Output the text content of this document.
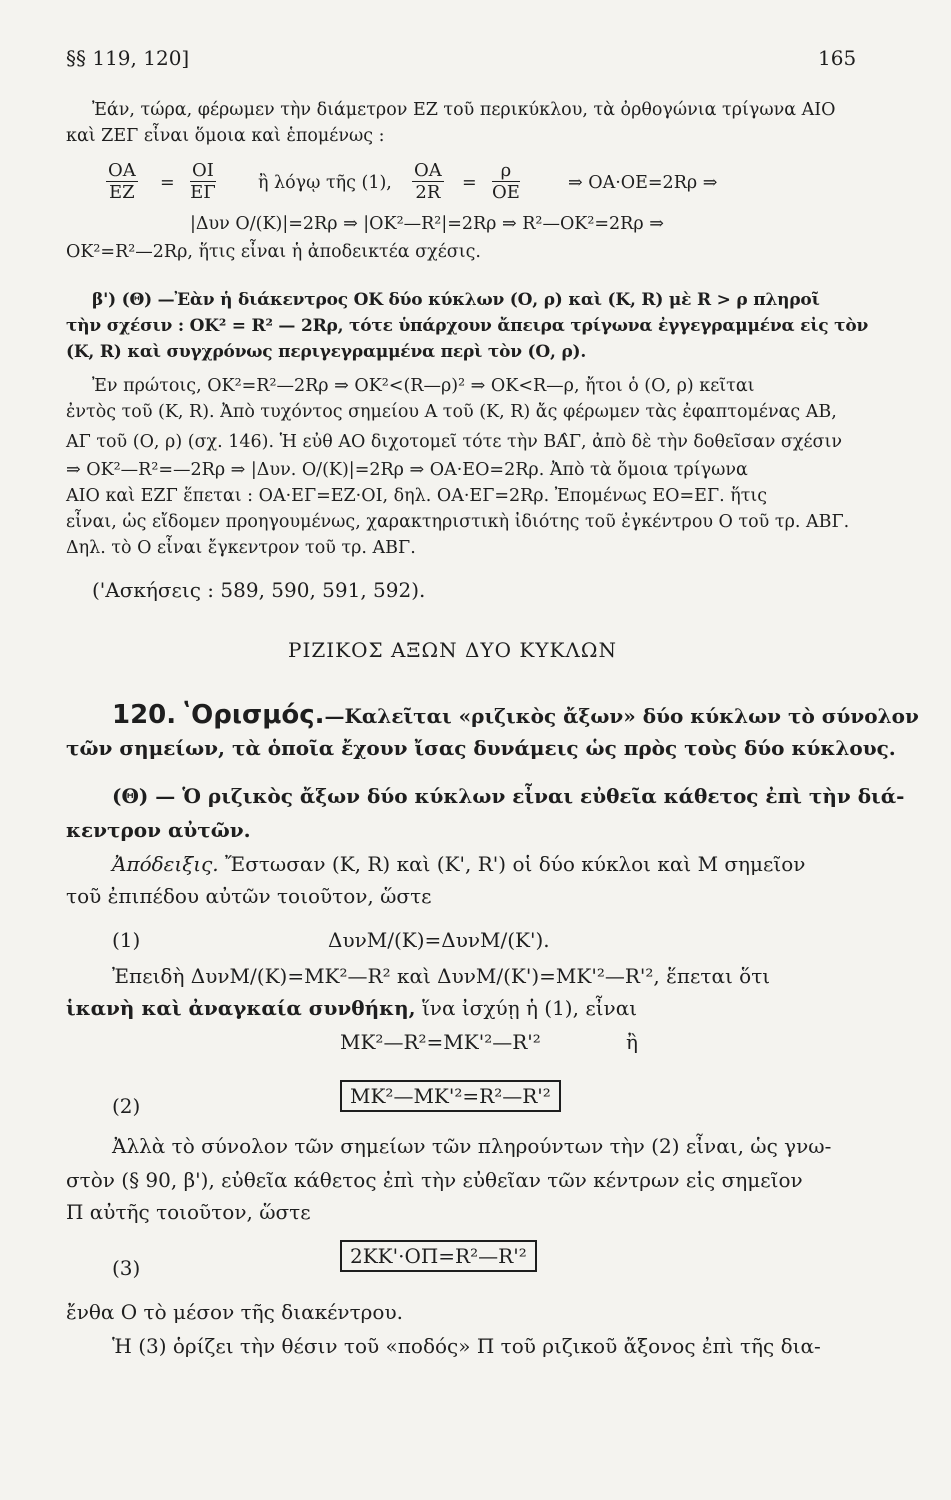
§§ 119, 120]	165
Ἐάν, τώρα, φέρωμεν τὴν διάμετρον ΕΖ τοῦ περικύκλου, τὰ ὀρθογώνια τρίγωνα ΑΙΟ
καὶ ΖΕΓ εἶναι ὅμοια καὶ ἑπομένως :
$\frac{OA}{EZ} = \frac{OI}{E\Gamma}$ ἢ λόγῳ τῆς (1), $\frac{OA}{2R} = \frac{\rho}{OE}$	⇒ ΟΑ·ΟΕ=2Rρ ⇒
|Δυν Ο/(Κ)|=2Rρ ⇒ |ΟΚ²—R²|=2Rρ ⇒ R²—ΟΚ²=2Rρ ⇒
ΟΚ²=R²—2Rρ, ἥτις εἶναι ἡ ἀποδεικτέα σχέσις.
β') (Θ) —Ἐὰν ἡ διάκεντρος ΟΚ δύο κύκλων (Ο, ρ) καὶ (Κ, R) μὲ R > ρ πληροῖ
τὴν σχέσιν : ΟΚ² = R² — 2Rρ, τότε ὑπάρχουν ἄπειρα τρίγωνα ἐγγεγραμμένα εἰς τὸν
(Κ, R) καὶ συγχρόνως περιγεγραμμένα περὶ τὸν (Ο, ρ).
Ἐν πρώτοις, ΟΚ²=R²—2Rρ ⇒ ΟΚ²<(R—ρ)² ⇒ ΟΚ<R—ρ, ἤτοι ὁ (Ο, ρ) κεῖται
ἐντὸς τοῦ (Κ, R). Ἀπὸ τυχόντος σημείου Α τοῦ (Κ, R) ἄς φέρωμεν τὰς ἐφαπτομένας ΑΒ,
ΑΓ τοῦ (Ο, ρ) (σχ. 146). Ἡ εὐθ ΑΟ διχοτομεῖ τότε τὴν ΒΑ̂Γ, ἀπὸ δὲ τὴν δοθεῖσαν σχέσιν
⇒ ΟΚ²—R²=—2Rρ ⇒ |Δυν. Ο/(Κ)|=2Rρ ⇒ ΟΑ·ΕΟ=2Rρ. Ἀπὸ τὰ ὅμοια τρίγωνα
ΑΙΟ καὶ ΕΖΓ ἕπεται : ΟΑ·ΕΓ=ΕΖ·ΟΙ, δηλ. ΟΑ·ΕΓ=2Rρ. Ἐπομένως ΕΟ=ΕΓ. ἥτις
εἶναι, ὡς εἴδομεν προηγουμένως, χαρακτηριστικὴ ἰδιότης τοῦ ἐγκέντρου Ο τοῦ τρ. ΑΒΓ.
Δηλ. τὸ Ο εἶναι ἔγκεντρον τοῦ τρ. ΑΒΓ.
('Ασκήσεις : 589, 590, 591, 592).
ΡΙΖΙΚΟΣ ΑΞΩΝ ΔΥΟ ΚΥΚΛΩΝ
120. ʽΟρισμός.—Καλεῖται «ριζικὸς ἄξων» δύο κύκλων τὸ σύνολον
τῶν σημείων, τὰ ὁποῖα ἔχουν ἴσας δυνάμεις ὡς πρὸς τοὺς δύο κύκλους.
(Θ) — Ὁ ριζικὸς ἄξων δύο κύκλων εἶναι εὐθεῖα κάθετος ἐπὶ τὴν διά-
κεντρον αὐτῶν.
Ἀπόδειξις. Ἔστωσαν (Κ, R) καὶ (Κ', R') οἱ δύο κύκλοι καὶ Μ σημεῖον
τοῦ ἐπιπέδου αὐτῶν τοιοῦτον, ὥστε
(1)	ΔυνΜ/(Κ)=ΔυνΜ/(Κ').
Ἐπειδὴ ΔυνΜ/(Κ)=ΜΚ²—R² καὶ ΔυνΜ/(Κ')=ΜΚ'²—R'², ἕπεται ὅτι
ἱκανὴ καὶ ἀναγκαία συνθήκη, ἵνα ἰσχύῃ ἡ (1), εἶναι
ΜΚ²—R²=ΜΚ'²—R'²	ἢ
(2)	ΜΚ²—ΜΚ'²=R²—R'²
Ἀλλὰ τὸ σύνολον τῶν σημείων τῶν πληρούντων τὴν (2) εἶναι, ὡς γνω-
στὸν (§ 90, β'), εὐθεῖα κάθετος ἐπὶ τὴν εὐθεῖαν τῶν κέντρων εἰς σημεῖον
Π αὐτῆς τοιοῦτον, ὥστε
(3)	2ΚΚ'·ΟΠ=R²—R'²
ἔνθα Ο τὸ μέσον τῆς διακέντρου.
Ἡ (3) ὁρίζει τὴν θέσιν τοῦ «ποδός» Π τοῦ ριζικοῦ ἄξονος ἐπὶ τῆς δια-
